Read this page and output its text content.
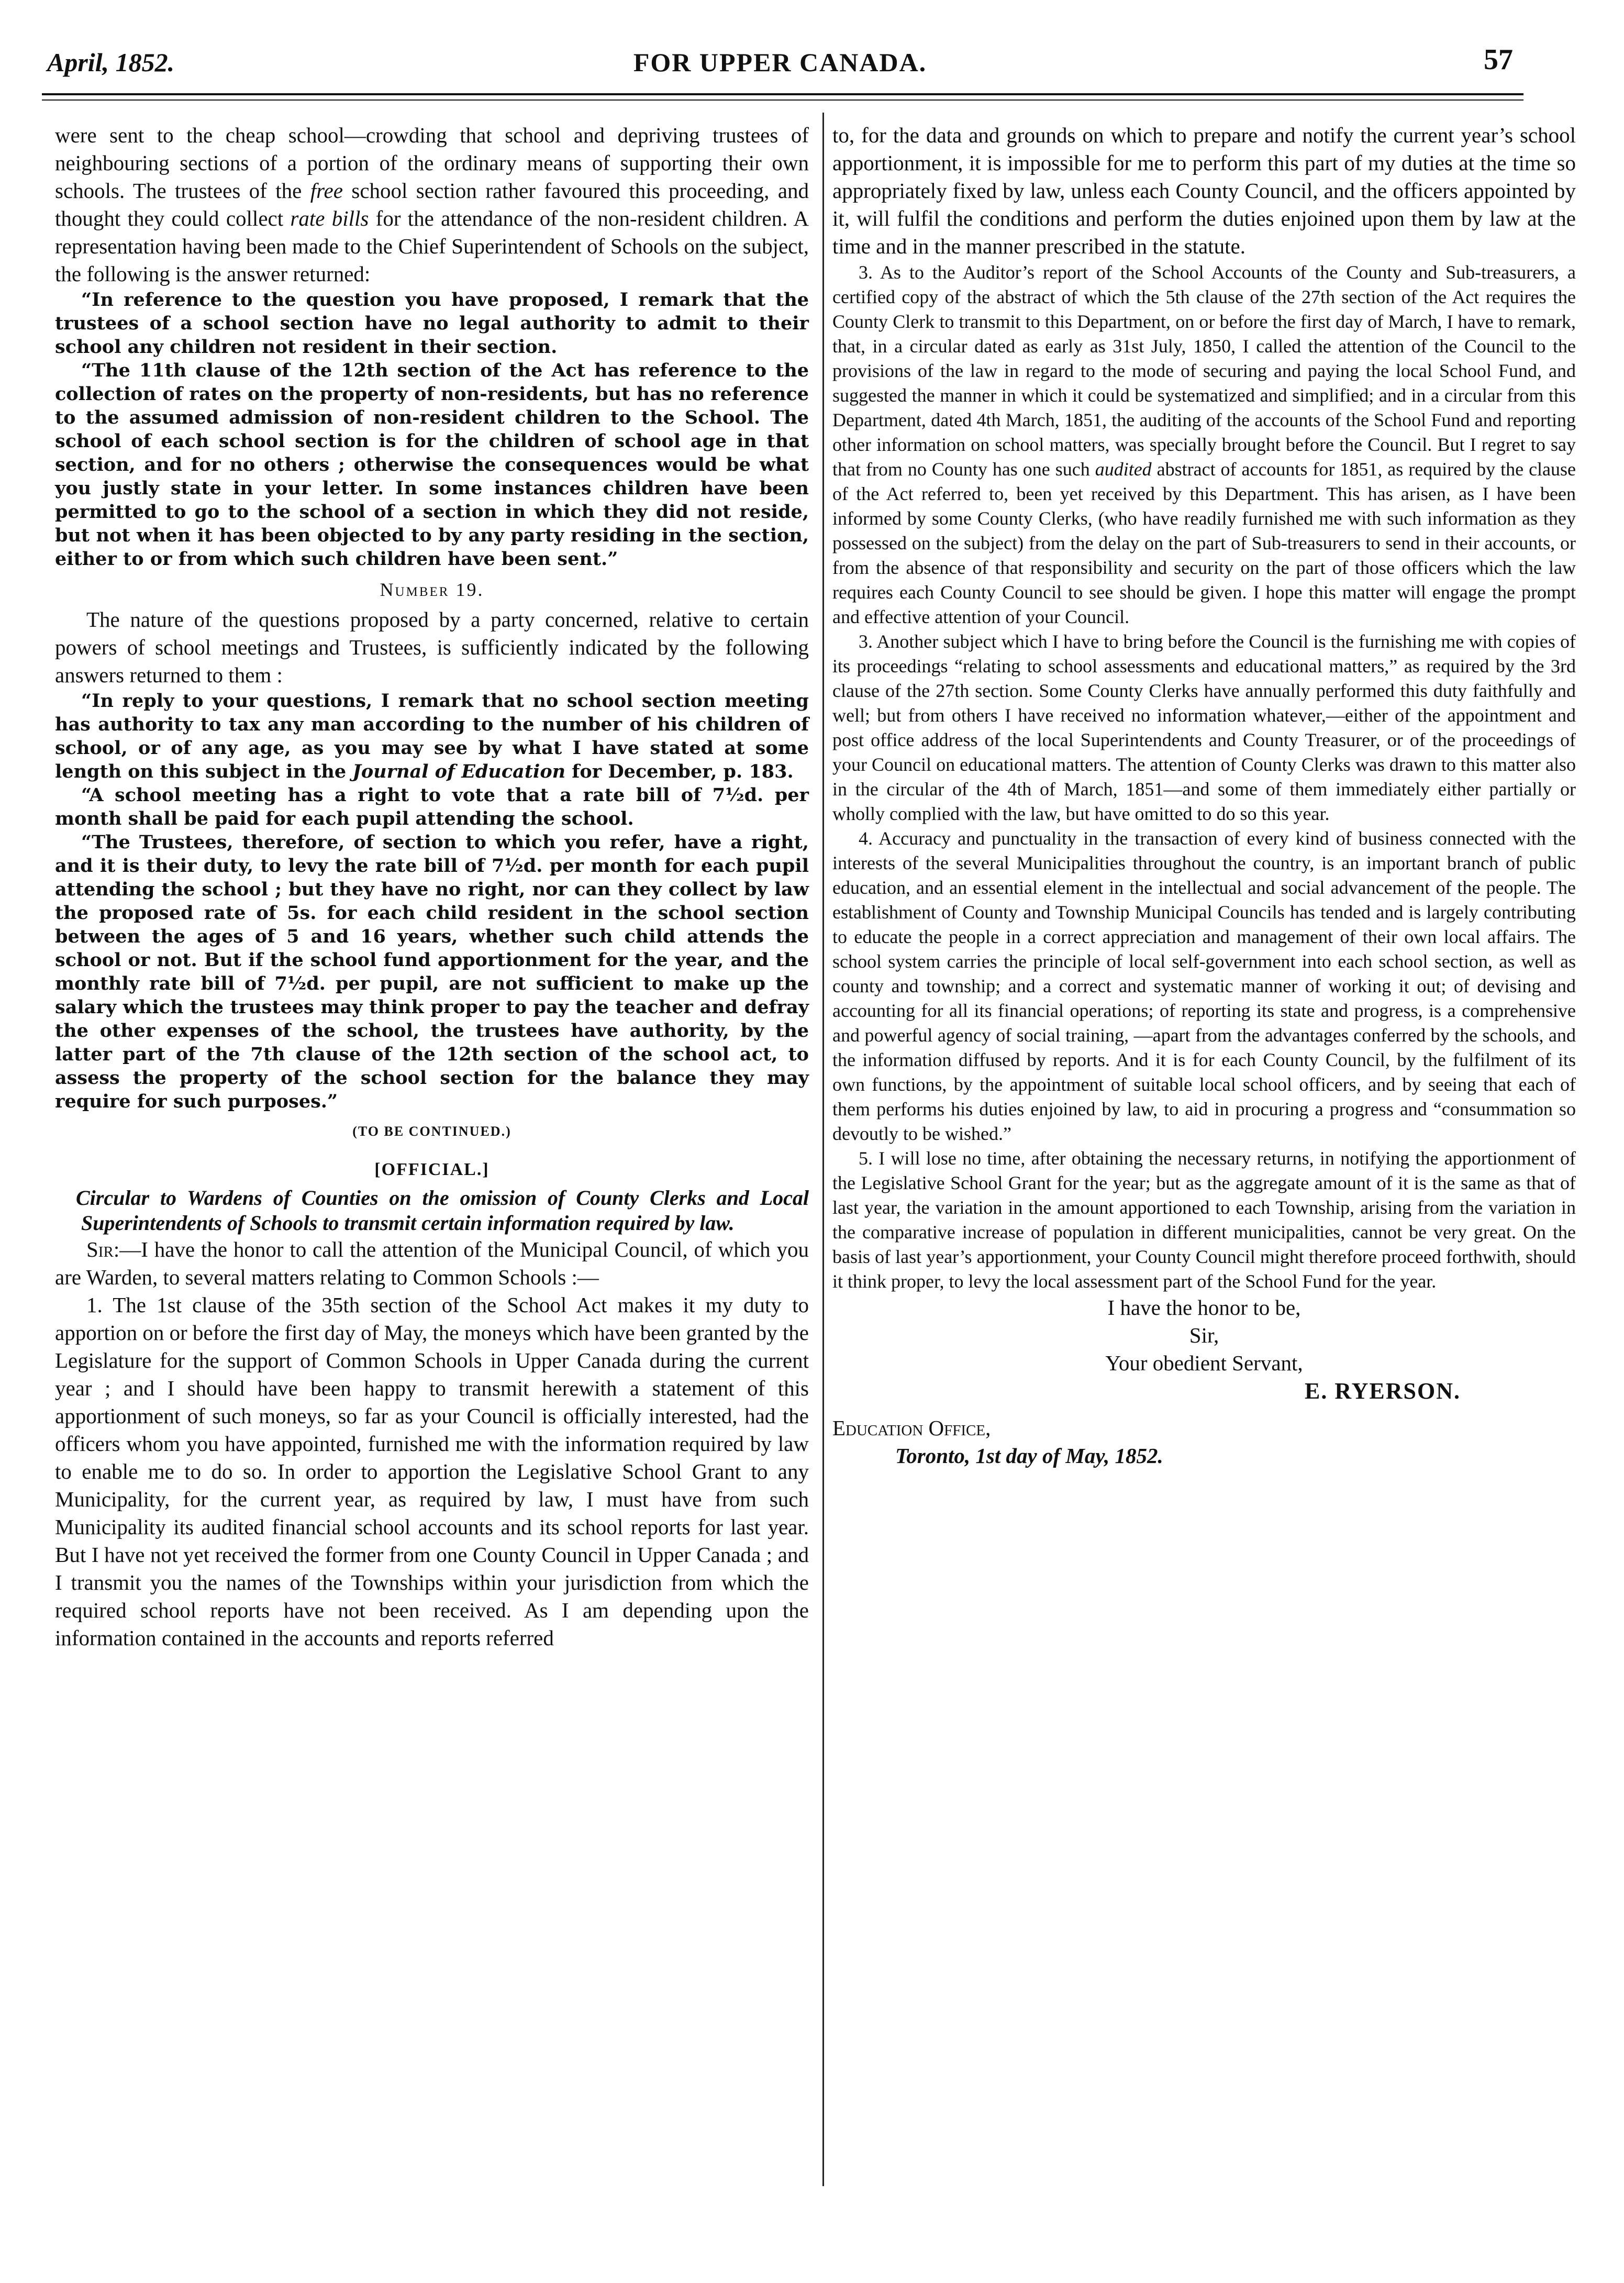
April, 1852.	FOR UPPER CANADA.	57

were sent to the cheap school—crowding that school and depriving trustees of neighbouring sections of a portion of the ordinary means of supporting their own schools. The trustees of the free school section rather favoured this proceeding, and thought they could collect rate bills for the attendance of the non-resident children. A representation having been made to the Chief Superintendent of Schools on the subject, the following is the answer returned:

“In reference to the question you have proposed, I remark that the trustees of a school section have no legal authority to admit to their school any children not resident in their section.

“The 11th clause of the 12th section of the Act has reference to the collection of rates on the property of non-residents, but has no reference to the assumed admission of non-resident children to the School. The school of each school section is for the children of school age in that section, and for no others ; otherwise the consequences would be what you justly state in your letter. In some instances children have been permitted to go to the school of a section in which they did not reside, but not when it has been objected to by any party residing in the section, either to or from which such children have been sent.”

Number 19.

The nature of the questions proposed by a party concerned, relative to certain powers of school meetings and Trustees, is sufficiently indicated by the following answers returned to them :

“In reply to your questions, I remark that no school section meeting has authority to tax any man according to the number of his children of school, or of any age, as you may see by what I have stated at some length on this subject in the Journal of Education for December, p. 183.

“A school meeting has a right to vote that a rate bill of 7½d. per month shall be paid for each pupil attending the school.

“The Trustees, therefore, of section to which you refer, have a right, and it is their duty, to levy the rate bill of 7½d. per month for each pupil attending the school ; but they have no right, nor can they collect by law the proposed rate of 5s. for each child resident in the school section between the ages of 5 and 16 years, whether such child attends the school or not. But if the school fund apportionment for the year, and the monthly rate bill of 7½d. per pupil, are not sufficient to make up the salary which the trustees may think proper to pay the teacher and defray the other expenses of the school, the trustees have authority, by the latter part of the 7th clause of the 12th section of the school act, to assess the property of the school section for the balance they may require for such purposes.”

(TO BE CONTINUED.)
[OFFICIAL.]

Circular to Wardens of Counties on the omission of County Clerks and Local Superintendents of Schools to transmit certain information required by law.

Sir:—I have the honor to call the attention of the Municipal Council, of which you are Warden, to several matters relating to Common Schools :—

1. The 1st clause of the 35th section of the School Act makes it my duty to apportion on or before the first day of May, the moneys which have been granted by the Legislature for the support of Common Schools in Upper Canada during the current year ; and I should have been happy to transmit herewith a statement of this apportionment of such moneys, so far as your Council is officially interested, had the officers whom you have appointed, furnished me with the information required by law to enable me to do so. In order to apportion the Legislative School Grant to any Municipality, for the current year, as required by law, I must have from such Municipality its audited financial school accounts and its school reports for last year. But I have not yet received the former from one County Council in Upper Canada ; and I transmit you the names of the Townships within your jurisdiction from which the required school reports have not been received. As I am depending upon the information contained in the accounts and reports referred

to, for the data and grounds on which to prepare and notify the current year’s school apportionment, it is impossible for me to perform this part of my duties at the time so appropriately fixed by law, unless each County Council, and the officers appointed by it, will fulfil the conditions and perform the duties enjoined upon them by law at the time and in the manner prescribed in the statute.

3. As to the Auditor’s report of the School Accounts of the County and Sub-treasurers, a certified copy of the abstract of which the 5th clause of the 27th section of the Act requires the County Clerk to transmit to this Department, on or before the first day of March, I have to remark, that, in a circular dated as early as 31st July, 1850, I called the attention of the Council to the provisions of the law in regard to the mode of securing and paying the local School Fund, and suggested the manner in which it could be systematized and simplified; and in a circular from this Department, dated 4th March, 1851, the auditing of the accounts of the School Fund and reporting other information on school matters, was specially brought before the Council. But I regret to say that from no County has one such audited abstract of accounts for 1851, as required by the clause of the Act referred to, been yet received by this Department. This has arisen, as I have been informed by some County Clerks, (who have readily furnished me with such information as they possessed on the subject) from the delay on the part of Sub-treasurers to send in their accounts, or from the absence of that responsibility and security on the part of those officers which the law requires each County Council to see should be given. I hope this matter will engage the prompt and effective attention of your Council.

3. Another subject which I have to bring before the Council is the furnishing me with copies of its proceedings “relating to school assessments and educational matters,” as required by the 3rd clause of the 27th section. Some County Clerks have annually performed this duty faithfully and well; but from others I have received no information whatever,—either of the appointment and post office address of the local Superintendents and County Treasurer, or of the proceedings of your Council on educational matters. The attention of County Clerks was drawn to this matter also in the circular of the 4th of March, 1851—and some of them immediately either partially or wholly complied with the law, but have omitted to do so this year.

4. Accuracy and punctuality in the transaction of every kind of business connected with the interests of the several Municipalities throughout the country, is an important branch of public education, and an essential element in the intellectual and social advancement of the people. The establishment of County and Township Municipal Councils has tended and is largely contributing to educate the people in a correct appreciation and management of their own local affairs. The school system carries the principle of local self-government into each school section, as well as county and township; and a correct and systematic manner of working it out; of devising and accounting for all its financial operations; of reporting its state and progress, is a comprehensive and powerful agency of social training, —apart from the advantages conferred by the schools, and the information diffused by reports. And it is for each County Council, by the fulfilment of its own functions, by the appointment of suitable local school officers, and by seeing that each of them performs his duties enjoined by law, to aid in procuring a progress and “consummation so devoutly to be wished.”

5. I will lose no time, after obtaining the necessary returns, in notifying the apportionment of the Legislative School Grant for the year; but as the aggregate amount of it is the same as that of last year, the variation in the amount apportioned to each Township, arising from the variation in the comparative increase of population in different municipalities, cannot be very great. On the basis of last year’s apportionment, your County Council might therefore proceed forthwith, should it think proper, to levy the local assessment part of the School Fund for the year.

I have the honor to be,
Sir,
Your obedient Servant,
E. RYERSON.
Education Office,
Toronto, 1st day of May, 1852.
